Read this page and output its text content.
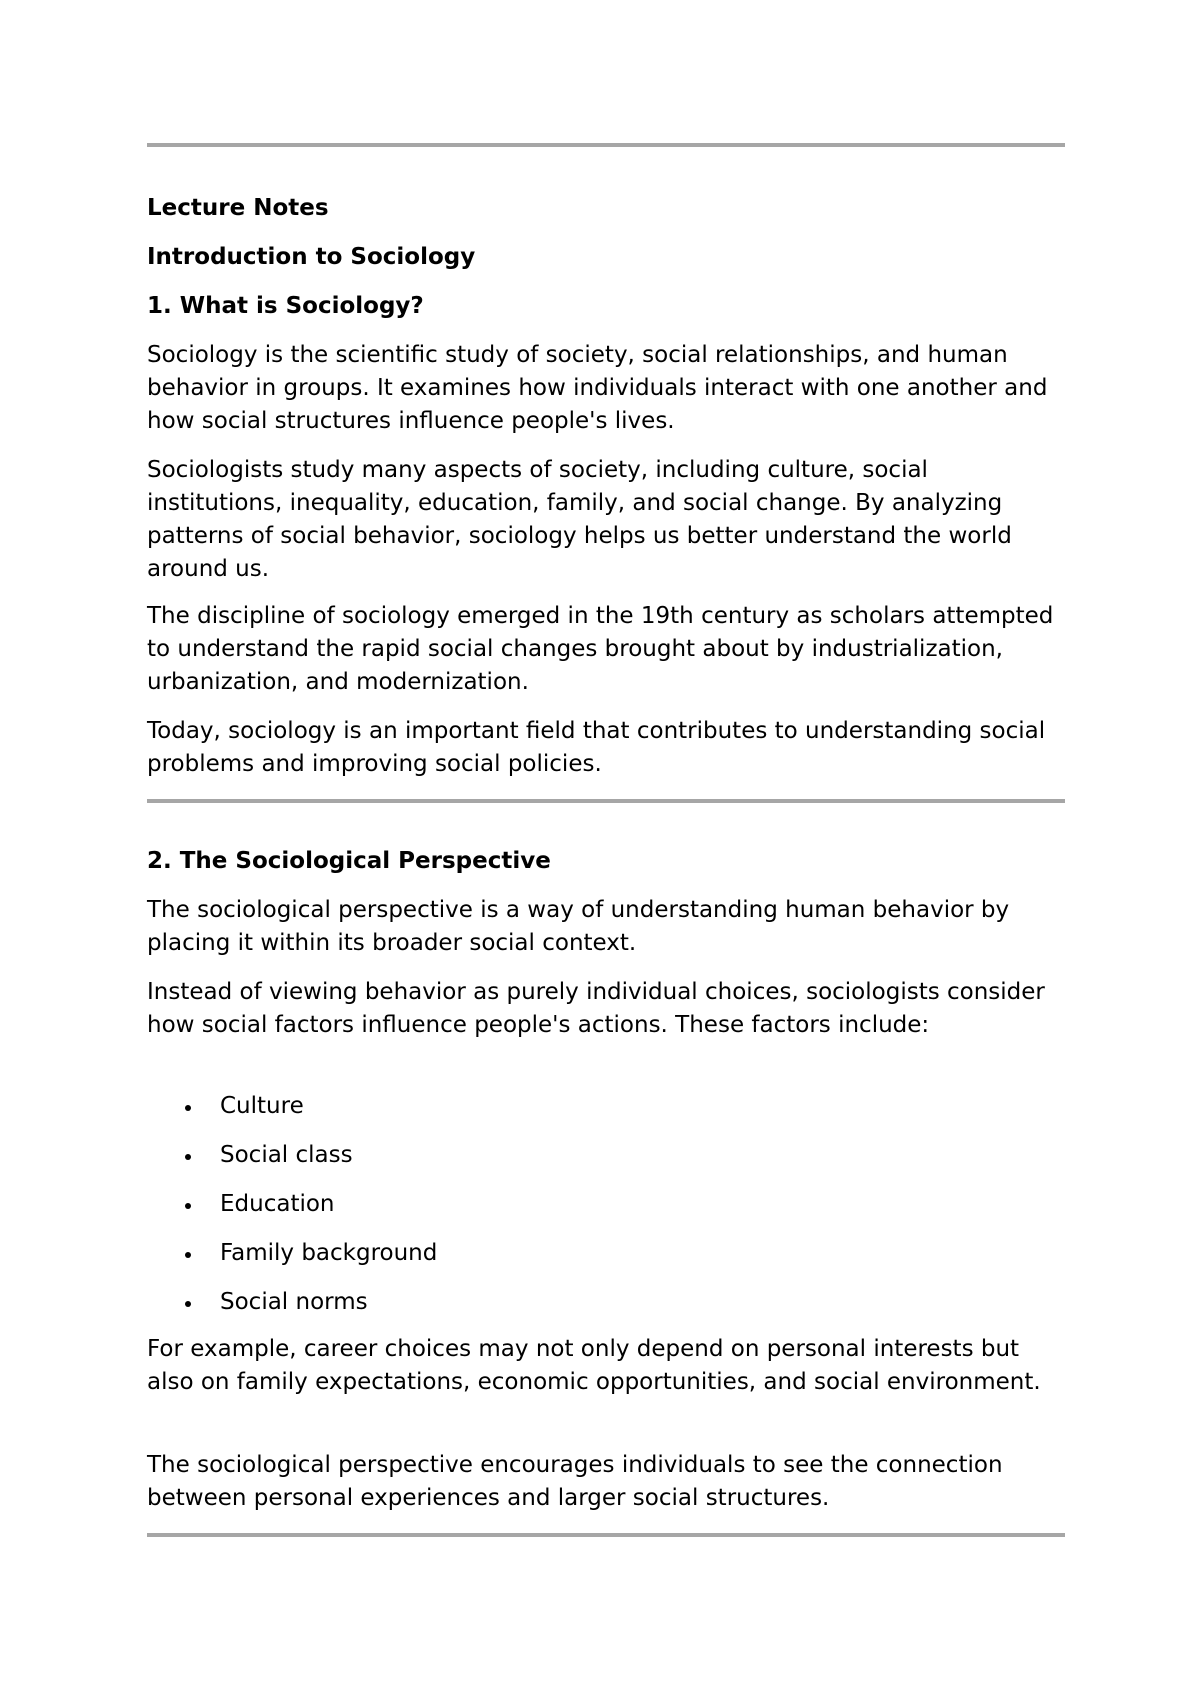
Lecture Notes

Introduction to Sociology

1. What is Sociology?

Sociology is the scientific study of society, social relationships, and human behavior in groups. It examines how individuals interact with one another and how social structures influence people's lives.

Sociologists study many aspects of society, including culture, social institutions, inequality, education, family, and social change. By analyzing patterns of social behavior, sociology helps us better understand the world around us.

The discipline of sociology emerged in the 19th century as scholars attempted to understand the rapid social changes brought about by industrialization, urbanization, and modernization.

Today, sociology is an important field that contributes to understanding social problems and improving social policies.

2. The Sociological Perspective

The sociological perspective is a way of understanding human behavior by placing it within its broader social context.

Instead of viewing behavior as purely individual choices, sociologists consider how social factors influence people's actions. These factors include:

Culture
Social class
Education
Family background
Social norms

For example, career choices may not only depend on personal interests but also on family expectations, economic opportunities, and social environment.

The sociological perspective encourages individuals to see the connection between personal experiences and larger social structures.
